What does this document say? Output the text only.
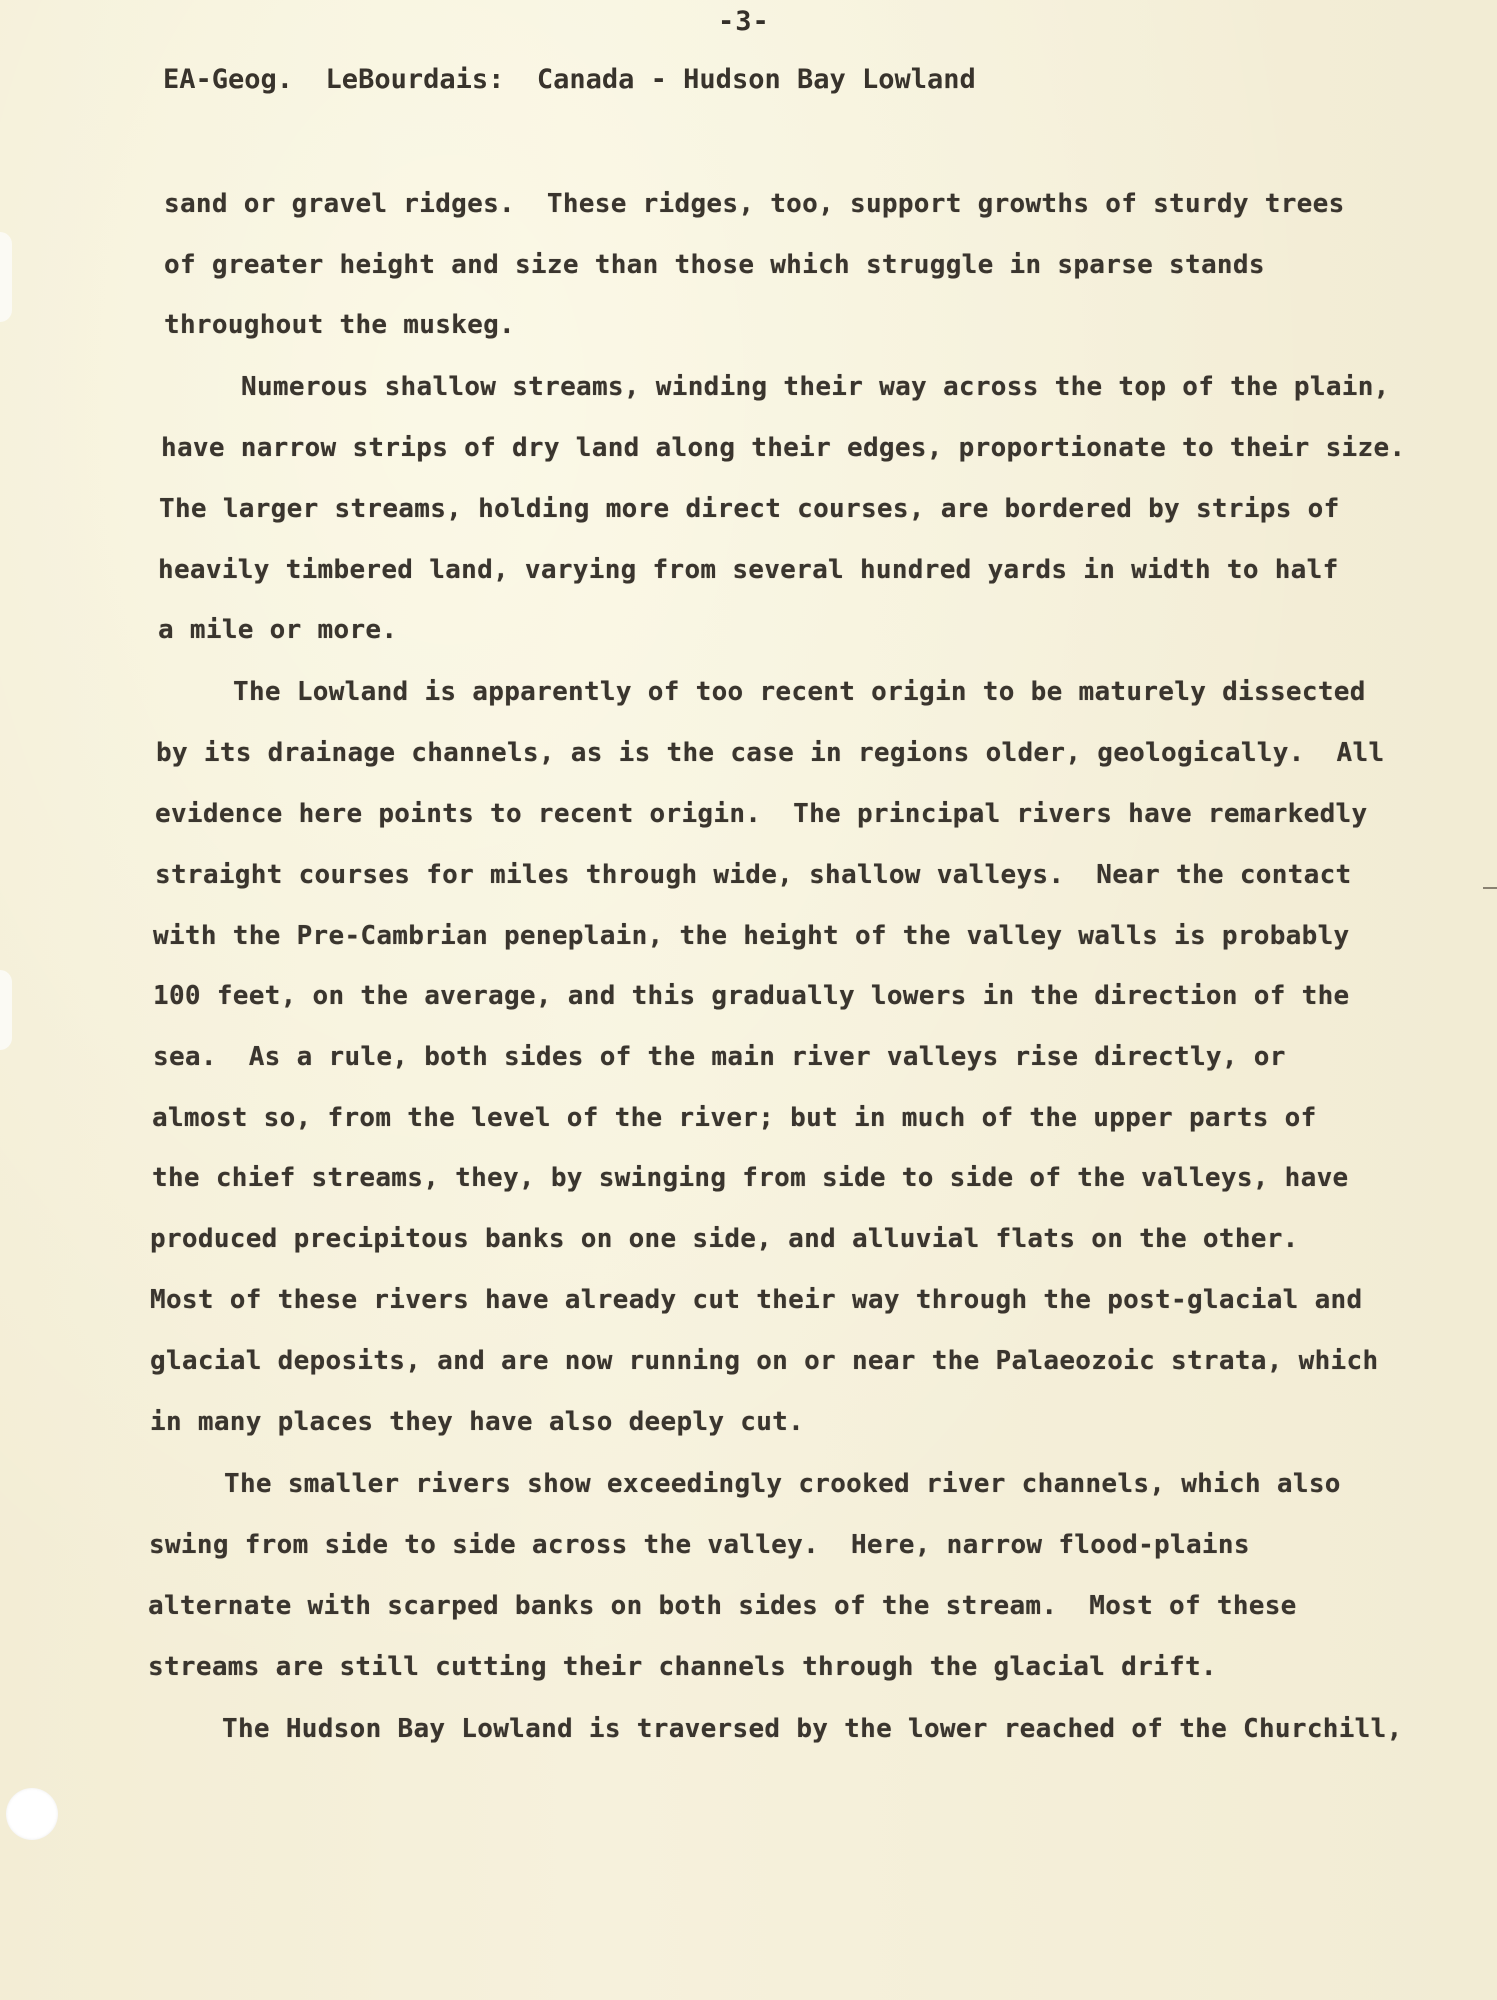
-3-
EA-Geog.  LeBourdais:  Canada - Hudson Bay Lowland
sand or gravel ridges.  These ridges, too, support growths of sturdy trees
of greater height and size than those which struggle in sparse stands
throughout the muskeg.
Numerous shallow streams, winding their way across the top of the plain,
have narrow strips of dry land along their edges, proportionate to their size.
The larger streams, holding more direct courses, are bordered by strips of
heavily timbered land, varying from several hundred yards in width to half
a mile or more.
The Lowland is apparently of too recent origin to be maturely dissected
by its drainage channels, as is the case in regions older, geologically.  All
evidence here points to recent origin.  The principal rivers have remarkedly
straight courses for miles through wide, shallow valleys.  Near the contact
with the Pre-Cambrian peneplain, the height of the valley walls is probably
100 feet, on the average, and this gradually lowers in the direction of the
sea.  As a rule, both sides of the main river valleys rise directly, or
almost so, from the level of the river; but in much of the upper parts of
the chief streams, they, by swinging from side to side of the valleys, have
produced precipitous banks on one side, and alluvial flats on the other.
Most of these rivers have already cut their way through the post-glacial and
glacial deposits, and are now running on or near the Palaeozoic strata, which
in many places they have also deeply cut.
The smaller rivers show exceedingly crooked river channels, which also
swing from side to side across the valley.  Here, narrow flood-plains
alternate with scarped banks on both sides of the stream.  Most of these
streams are still cutting their channels through the glacial drift.
The Hudson Bay Lowland is traversed by the lower reached of the Churchill,
